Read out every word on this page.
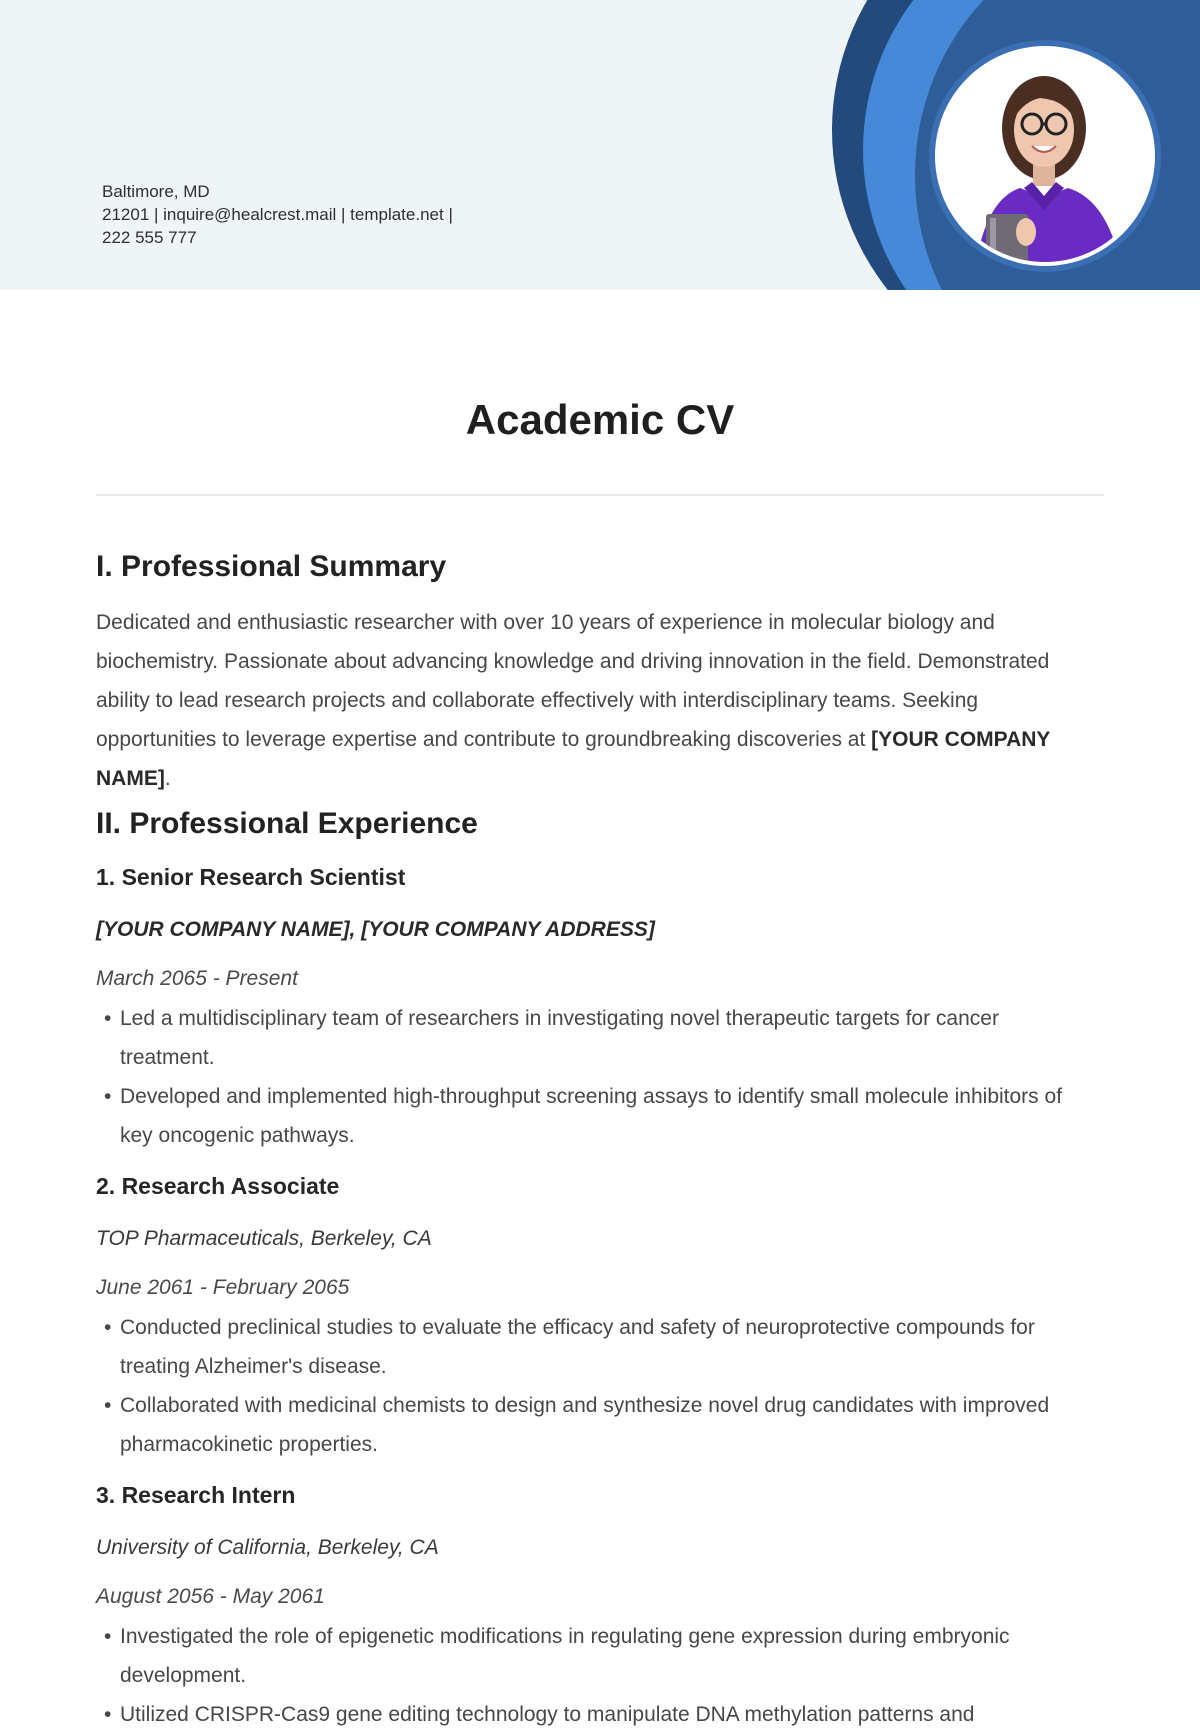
Baltimore, MD
21201 | inquire@healcrest.mail | template.net |
222 555 777
Academic CV
I. Professional Summary

Dedicated and enthusiastic researcher with over 10 years of experience in molecular biology and biochemistry. Passionate about advancing knowledge and driving innovation in the field. Demonstrated ability to lead research projects and collaborate effectively with interdisciplinary teams. Seeking opportunities to leverage expertise and contribute to groundbreaking discoveries at [YOUR COMPANY NAME].

II. Professional Experience
1. Senior Research Scientist
[YOUR COMPANY NAME], [YOUR COMPANY ADDRESS]
March 2065 - Present
• Led a multidisciplinary team of researchers in investigating novel therapeutic targets for cancer treatment.
• Developed and implemented high-throughput screening assays to identify small molecule inhibitors of key oncogenic pathways.
2. Research Associate
TOP Pharmaceuticals, Berkeley, CA
June 2061 - February 2065
• Conducted preclinical studies to evaluate the efficacy and safety of neuroprotective compounds for treating Alzheimer's disease.
• Collaborated with medicinal chemists to design and synthesize novel drug candidates with improved pharmacokinetic properties.
3. Research Intern
University of California, Berkeley, CA
August 2056 - May 2061
• Investigated the role of epigenetic modifications in regulating gene expression during embryonic development.
• Utilized CRISPR-Cas9 gene editing technology to manipulate DNA methylation patterns and
